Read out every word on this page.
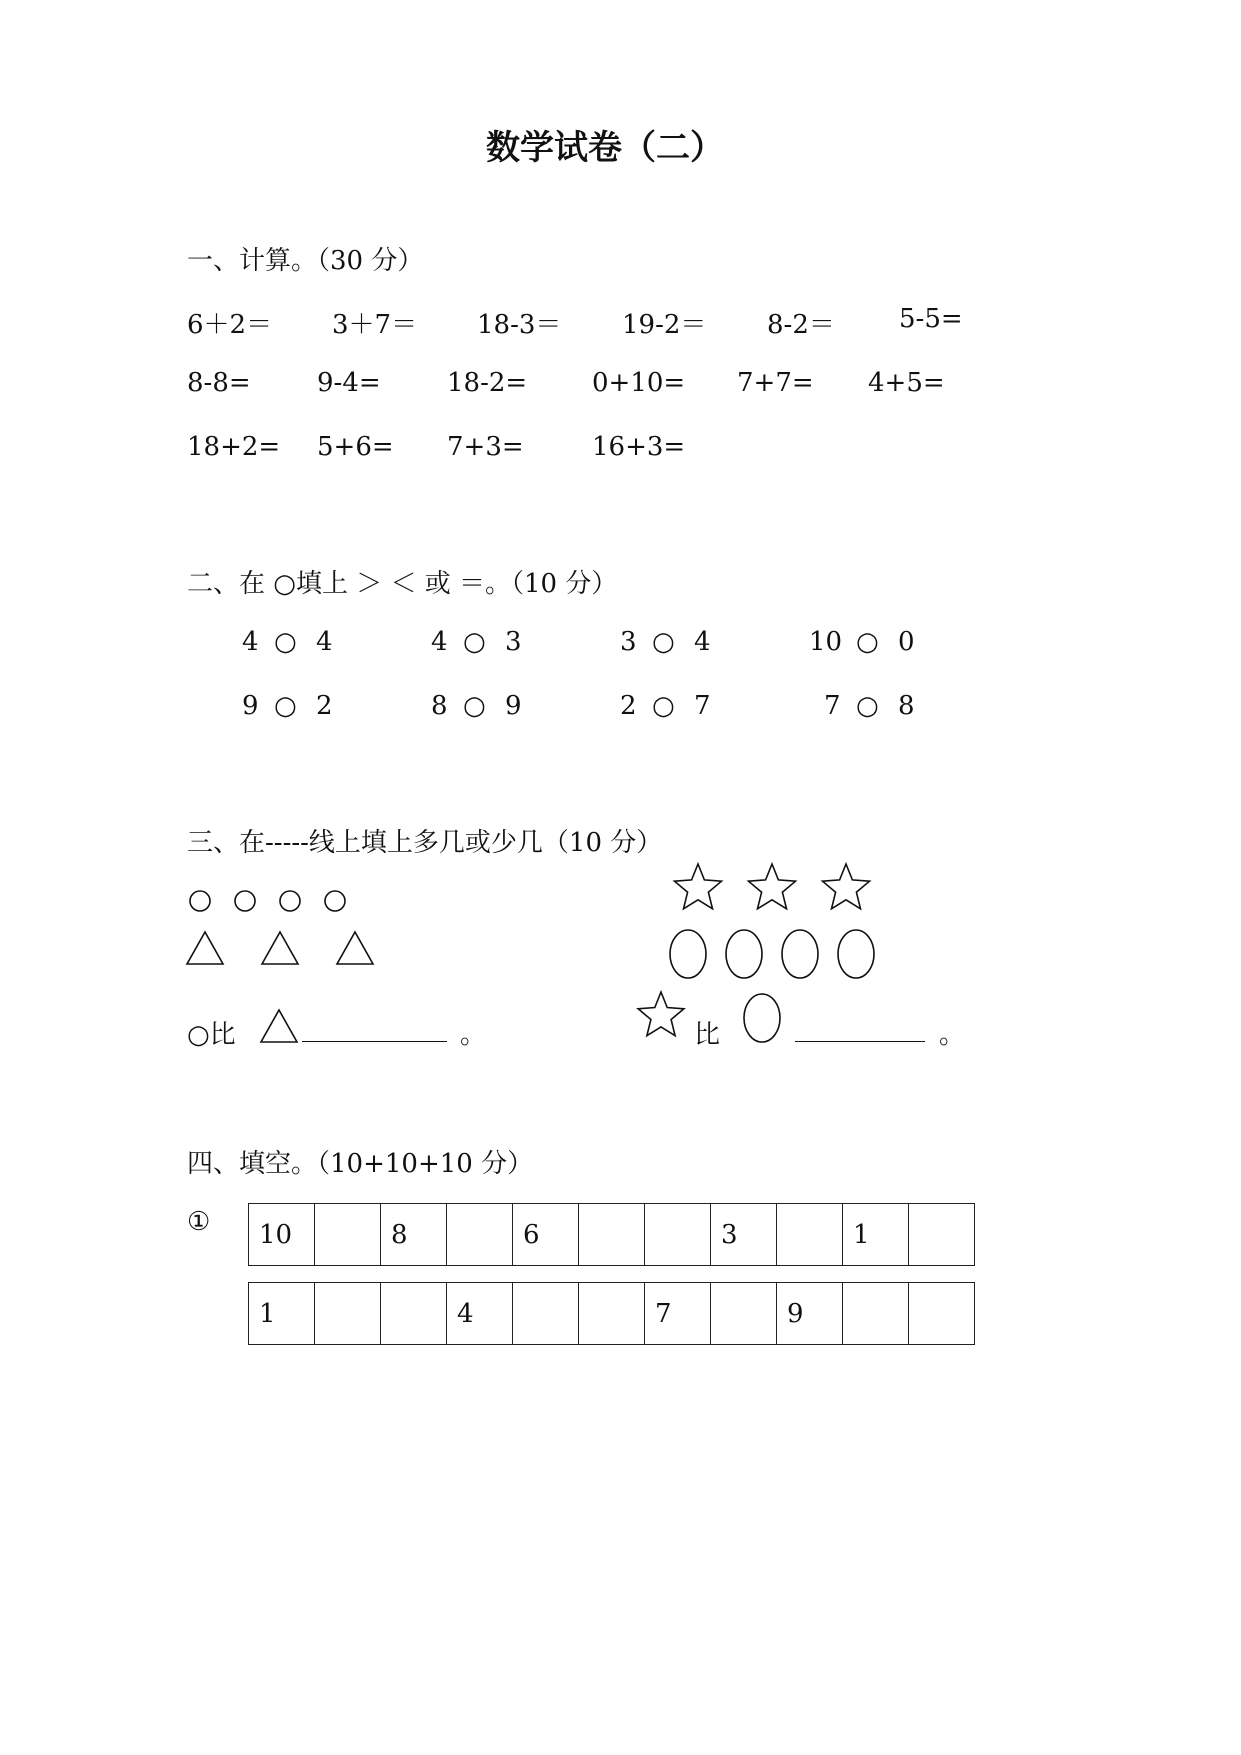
数学试卷（二）
一、计算。（30 分）
6＋2＝ 3＋7＝ 18-3＝ 19-2＝ 8-2＝ 5-5=
8-8=	9-4=	18-2= 0+10= 7+7= 4+5=
18+2= 5+6= 7+3=	16+3=
二、在 ○填上 ＞ ＜ 或 ＝。（10 分）
4 ○ 4	4 ○ 3	3 ○ 4	10 ○ 0
9 ○ 2	8 ○ 9	2 ○ 7	7 ○ 8
三、在-----线上填上多几或少几（10 分）
○比	。	比	。
四、填空。（10+10+10 分）
① 10		8		6			3		1	
1			4			7		9		
